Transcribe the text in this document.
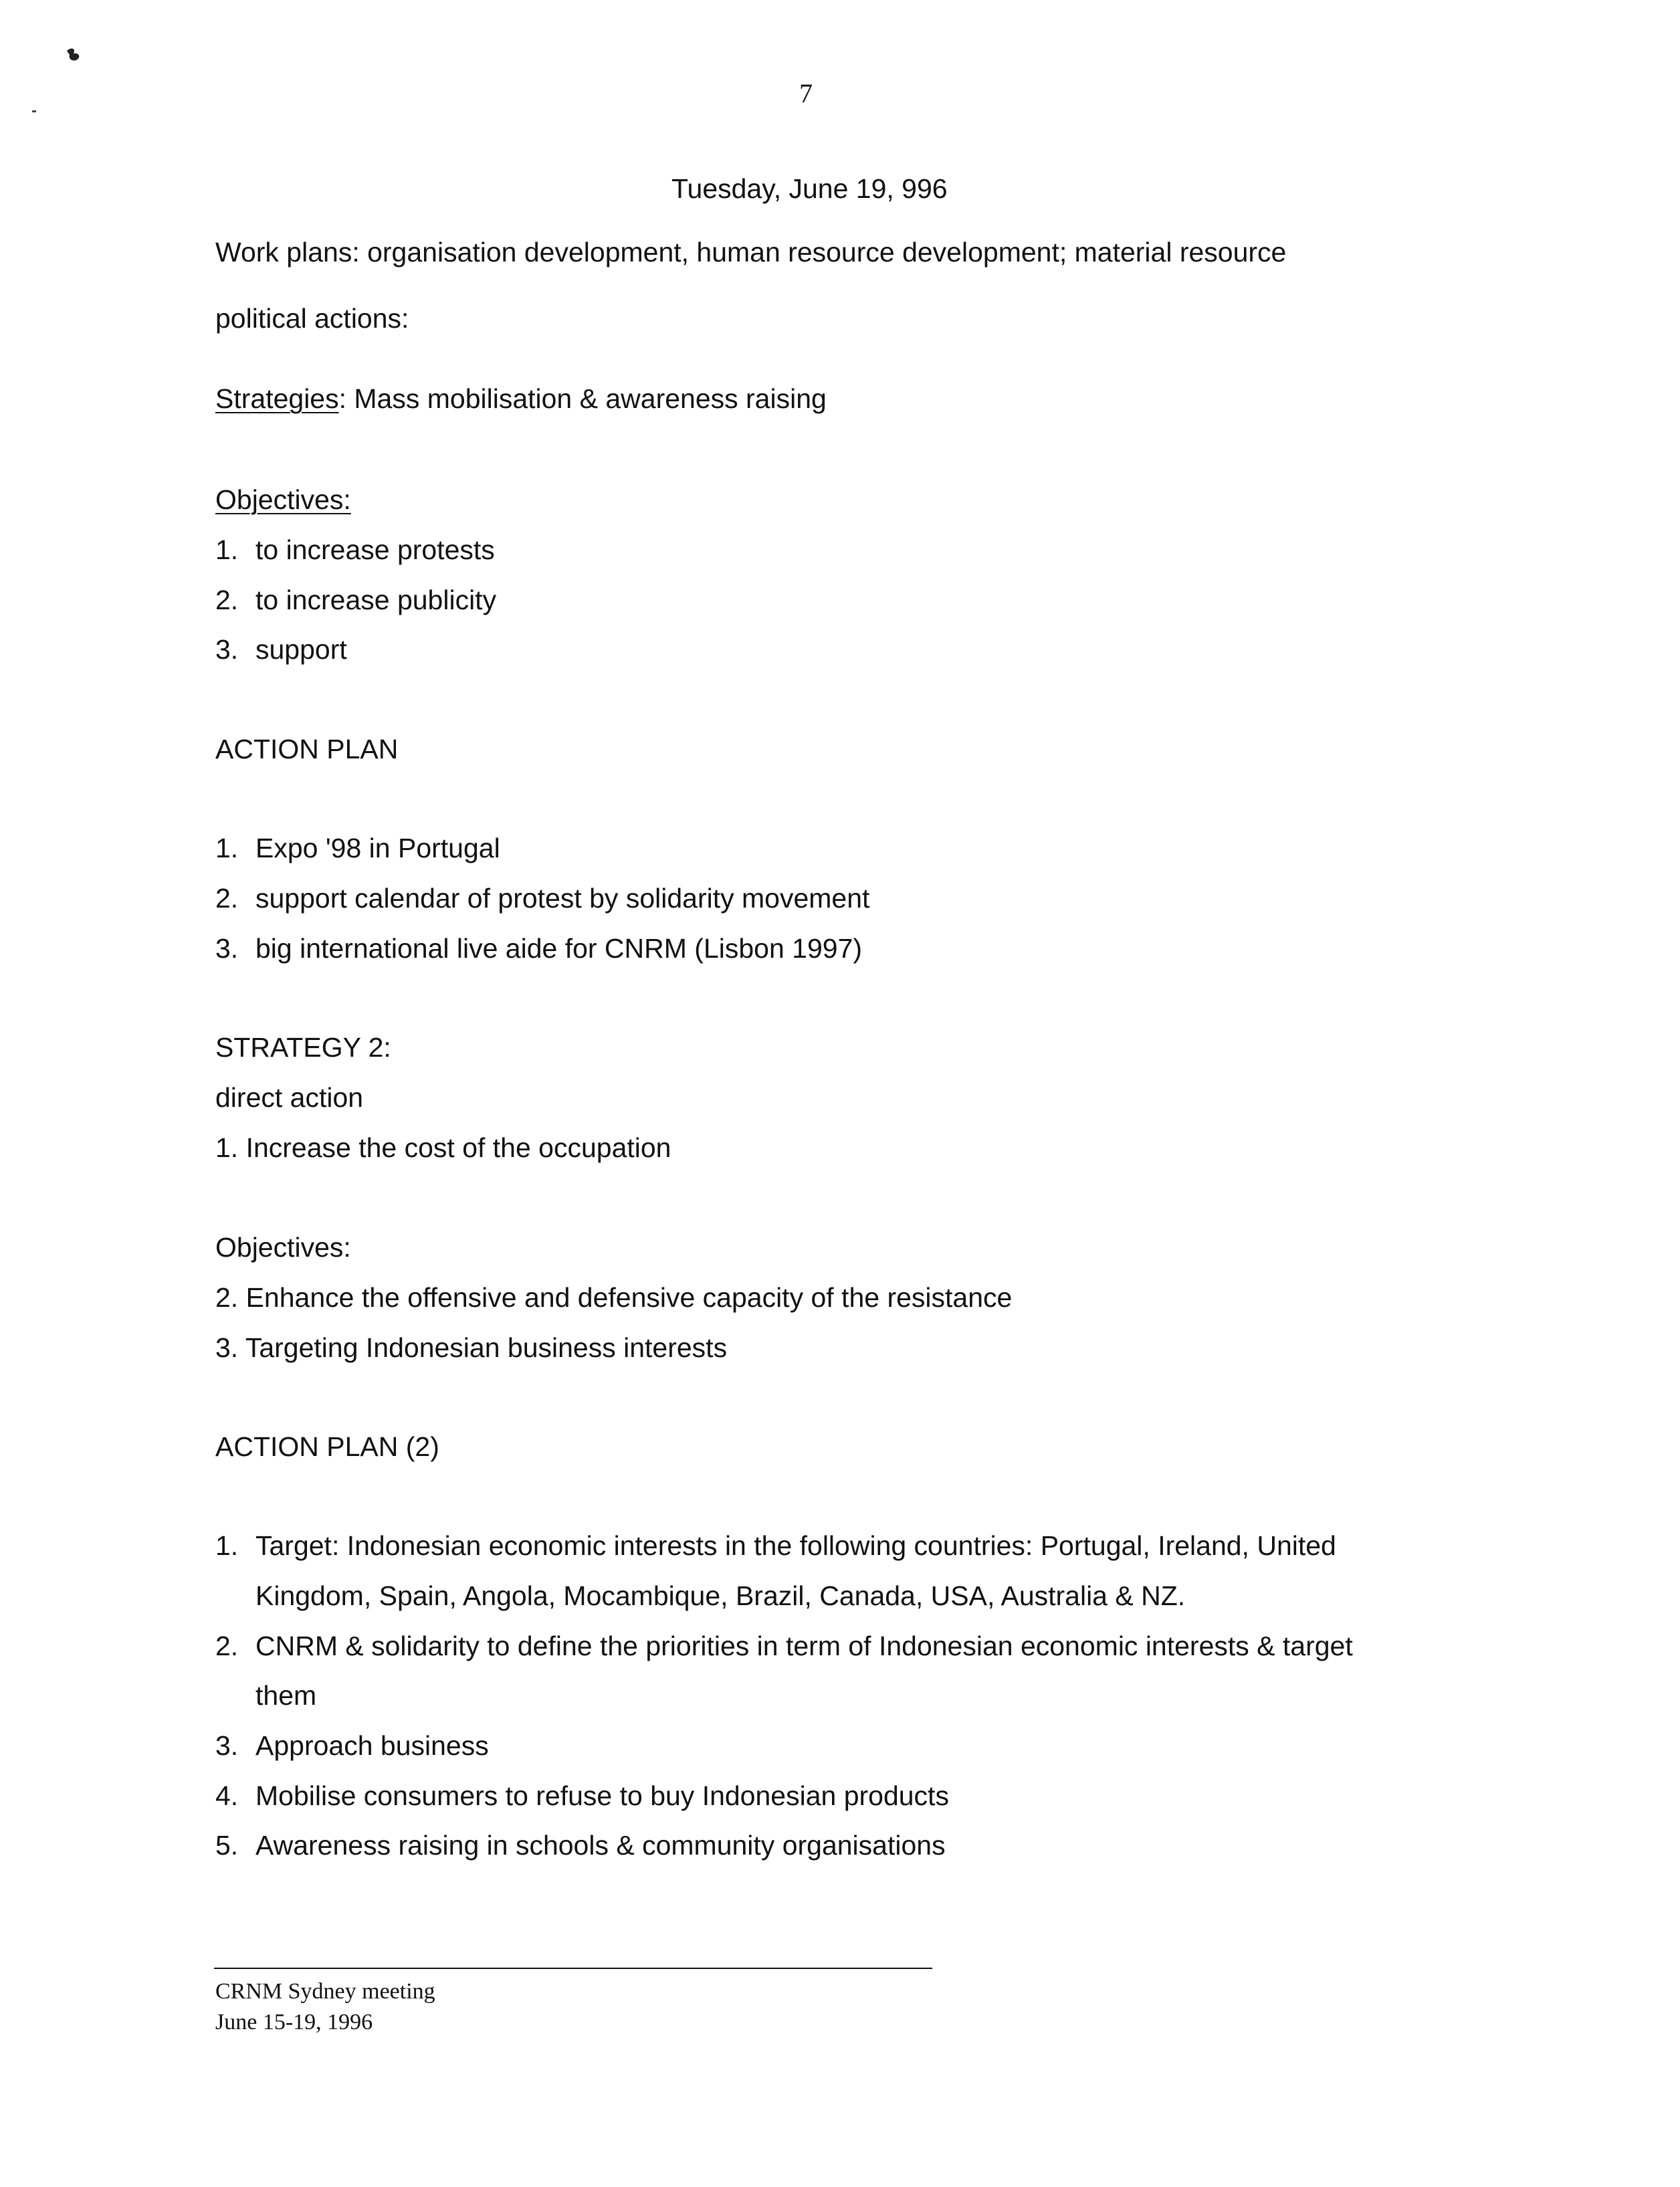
7
Tuesday, June 19, 996
Work plans: organisation development, human resource development; material resource
political actions:
Strategies: Mass mobilisation & awareness raising
Objectives:
1. to increase protests
2. to increase publicity
3. support
ACTION PLAN
1. Expo '98 in Portugal
2. support calendar of protest by solidarity movement
3. big international live aide for CNRM (Lisbon 1997)
STRATEGY 2:
direct action
1. Increase the cost of the occupation
Objectives:
2. Enhance the offensive and defensive capacity of the resistance
3. Targeting Indonesian business interests
ACTION PLAN (2)
1. Target: Indonesian economic interests in the following countries: Portugal, Ireland, United
Kingdom, Spain, Angola, Mocambique, Brazil, Canada, USA, Australia & NZ.
2. CNRM & solidarity to define the priorities in term of Indonesian economic interests & target
them
3. Approach business
4. Mobilise consumers to refuse to buy Indonesian products
5. Awareness raising in schools & community organisations
CRNM Sydney meeting
June 15-19, 1996
